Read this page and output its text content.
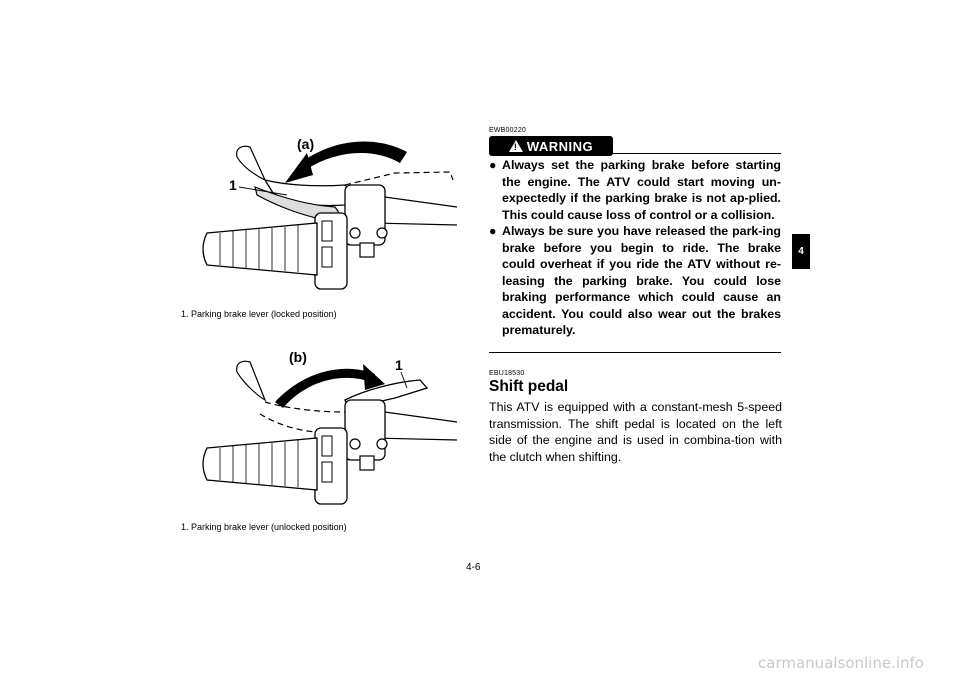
(a)
1
1. Parking brake lever (locked position)
(b)	1
1. Parking brake lever (unlocked position)
EWB00220
! WARNING
● Always set the parking brake before starting the engine. The ATV could start moving un-expectedly if the parking brake is not ap-plied. This could cause loss of control or a collision.
● Always be sure you have released the park-ing brake before you begin to ride. The brake could overheat if you ride the ATV without re-leasing the parking brake. You could lose braking performance which could cause an accident. You could also wear out the brakes prematurely.
EBU18530
Shift pedal
This ATV is equipped with a constant-mesh 5-speed transmission. The shift pedal is located on the left side of the engine and is used in combina-tion with the clutch when shifting.
4-6
4
carmanualsonline.info
